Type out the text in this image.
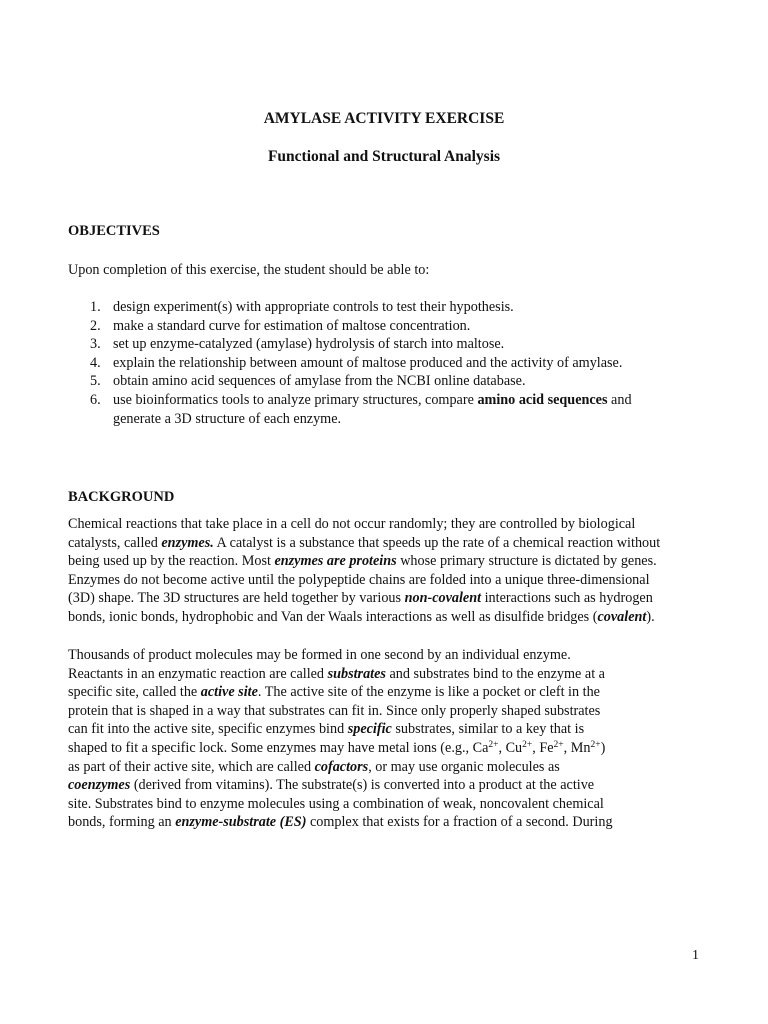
AMYLASE ACTIVITY EXERCISE
Functional and Structural Analysis
OBJECTIVES

Upon completion of this exercise, the student should be able to:

1. design experiment(s) with appropriate controls to test their hypothesis.
2. make a standard curve for estimation of maltose concentration.
3. set up enzyme-catalyzed (amylase) hydrolysis of starch into maltose.
4. explain the relationship between amount of maltose produced and the activity of amylase.
5. obtain amino acid sequences of amylase from the NCBI online database.
6. use bioinformatics tools to analyze primary structures, compare amino acid sequences and
generate a 3D structure of each enzyme.
BACKGROUND
Chemical reactions that take place in a cell do not occur randomly; they are controlled by biological
catalysts, called enzymes. A catalyst is a substance that speeds up the rate of a chemical reaction without
being used up by the reaction. Most enzymes are proteins whose primary structure is dictated by genes.
Enzymes do not become active until the polypeptide chains are folded into a unique three-dimensional
(3D) shape. The 3D structures are held together by various non-covalent interactions such as hydrogen
bonds, ionic bonds, hydrophobic and Van der Waals interactions as well as disulfide bridges (covalent).
Thousands of product molecules may be formed in one second by an individual enzyme.
Reactants in an enzymatic reaction are called substrates and substrates bind to the enzyme at a
specific site, called the active site. The active site of the enzyme is like a pocket or cleft in the
protein that is shaped in a way that substrates can fit in. Since only properly shaped substrates
can fit into the active site, specific enzymes bind specific substrates, similar to a key that is
shaped to fit a specific lock. Some enzymes may have metal ions (e.g., $Ca^{2+}$, $Cu^{2+}$, $Fe^{2+}$, $Mn^{2+}$)
as part of their active site, which are called cofactors, or may use organic molecules as
coenzymes (derived from vitamins). The substrate(s) is converted into a product at the active
site. Substrates bind to enzyme molecules using a combination of weak, noncovalent chemical
bonds, forming an enzyme-substrate (ES) complex that exists for a fraction of a second. During
1
